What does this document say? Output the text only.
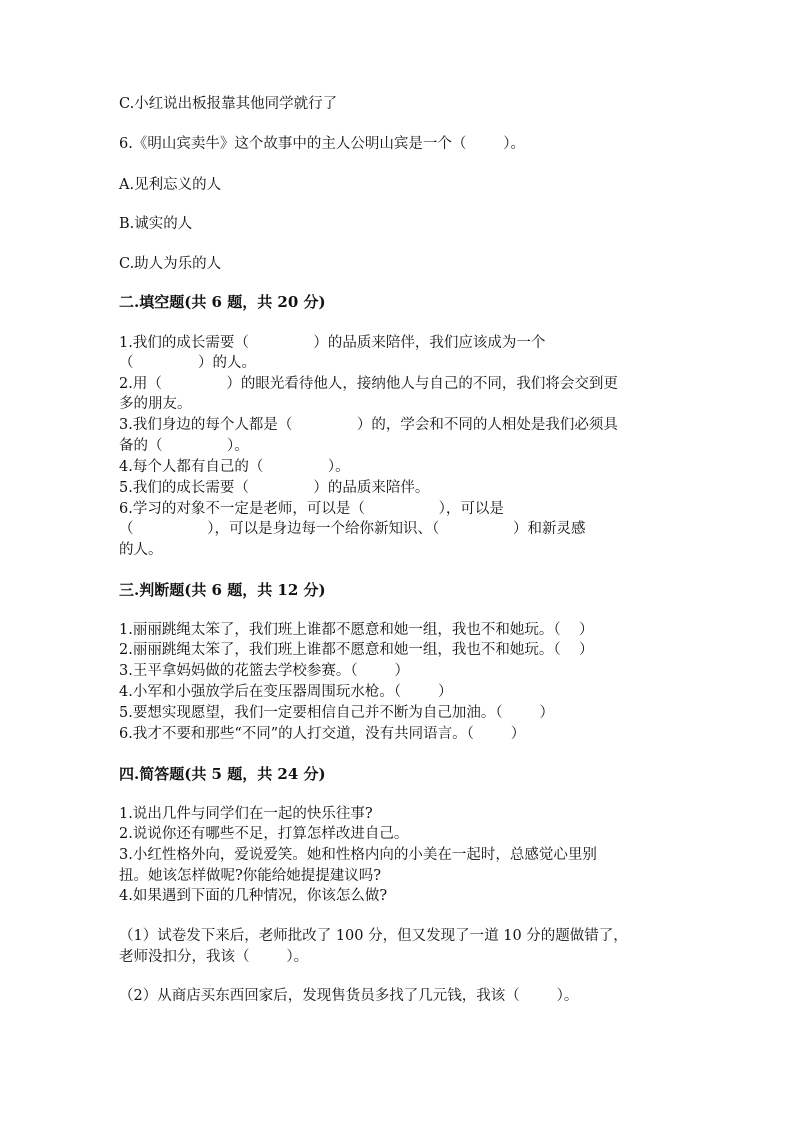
C.小红说出板报靠其他同学就行了

6.《明山宾卖牛》这个故事中的主人公明山宾是一个（        ）。

A.见利忘义的人

B.诚实的人

C.助人为乐的人

二.填空题(共 6 题，共 20 分)

1.我们的成长需要（              ）的品质来陪伴，我们应该成为一个

（              ）的人。

2.用（              ）的眼光看待他人，接纳他人与自己的不同，我们将会交到更

多的朋友。

3.我们身边的每个人都是（              ）的，学会和不同的人相处是我们必须具

备的（              ）。

4.每个人都有自己的（              ）。

5.我们的成长需要（              ）的品质来陪伴。

6.学习的对象不一定是老师，可以是（                ），可以是

（                ），可以是身边每一个给你新知识、（                ）和新灵感

的人。

三.判断题(共 6 题，共 12 分)

1.丽丽跳绳太笨了，我们班上谁都不愿意和她一组，我也不和她玩。（    ）

2.丽丽跳绳太笨了，我们班上谁都不愿意和她一组，我也不和她玩。（    ）

3.王平拿妈妈做的花篮去学校参赛。（        ）

4.小军和小强放学后在变压器周围玩水枪。（        ）

5.要想实现愿望，我们一定要相信自己并不断为自己加油。（        ）

6.我才不要和那些“不同”的人打交道，没有共同语言。（        ）

四.简答题(共 5 题，共 24 分)

1.说出几件与同学们在一起的快乐往事?

2.说说你还有哪些不足，打算怎样改进自己。

3.小红性格外向，爱说爱笑。她和性格内向的小美在一起时，总感觉心里别

扭。她该怎样做呢?你能给她提提建议吗?

4.如果遇到下面的几种情况，你该怎么做?

（1）试卷发下来后，老师批改了 100 分，但又发现了一道 10 分的题做错了，

老师没扣分，我该（        ）。

（2）从商店买东西回家后，发现售货员多找了几元钱，我该（        ）。
